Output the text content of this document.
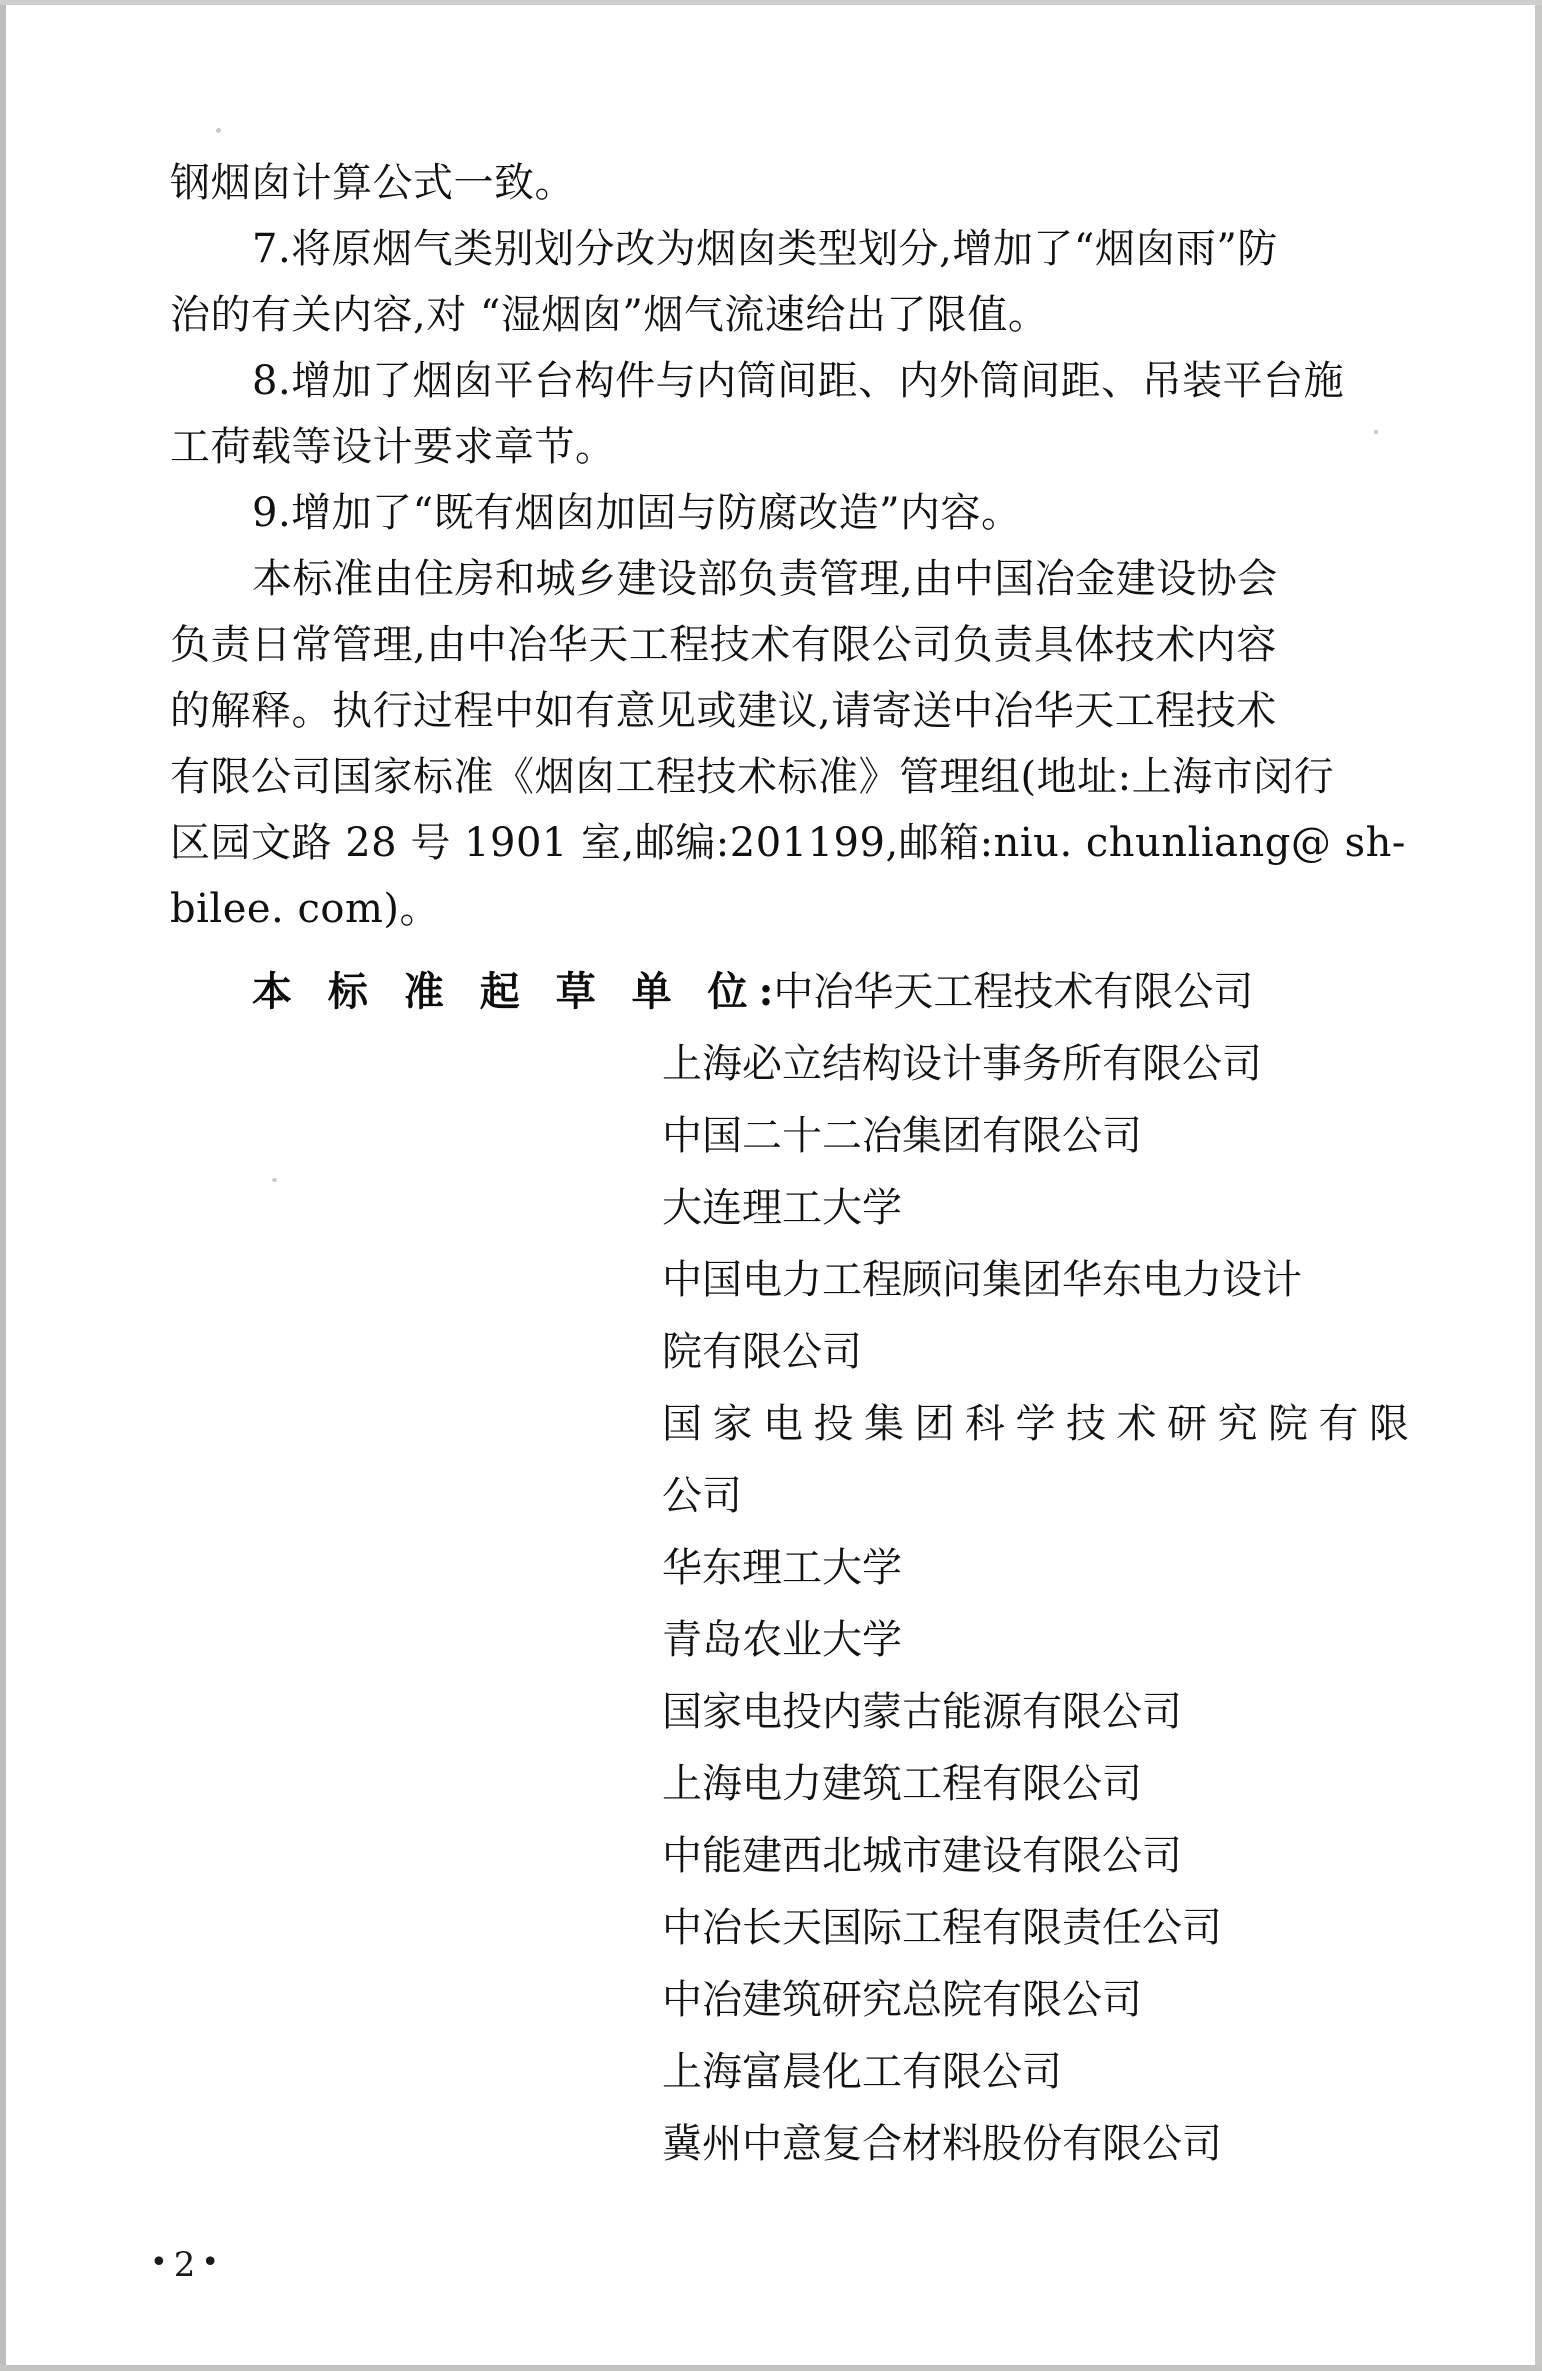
钢烟囱计算公式一致。
7.将原烟气类别划分改为烟囱类型划分,增加了“烟囱雨”防
治的有关内容,对 “湿烟囱”烟气流速给出了限值。
8.增加了烟囱平台构件与内筒间距、内外筒间距、吊装平台施
工荷载等设计要求章节。
9.增加了“既有烟囱加固与防腐改造”内容。
本标准由住房和城乡建设部负责管理,由中国冶金建设协会
负责日常管理,由中冶华天工程技术有限公司负责具体技术内容
的解释。执行过程中如有意见或建议,请寄送中冶华天工程技术
有限公司国家标准《烟囱工程技术标准》管理组(地址:上海市闵行
区园文路 28 号 1901 室,邮编:201199,邮箱:niu. chunliang@ sh-
bilee. com)。
本 标 准 起 草 单 位 : 中冶华天工程技术有限公司
上海必立结构设计事务所有限公司
中国二十二冶集团有限公司
大连理工大学
中国电力工程顾问集团华东电力设计
院有限公司
国家电投集团科学技术研究院有限
公司
华东理工大学
青岛农业大学
国家电投内蒙古能源有限公司
上海电力建筑工程有限公司
中能建西北城市建设有限公司
中冶长天国际工程有限责任公司
中冶建筑研究总院有限公司
上海富晨化工有限公司
冀州中意复合材料股份有限公司
•2•
